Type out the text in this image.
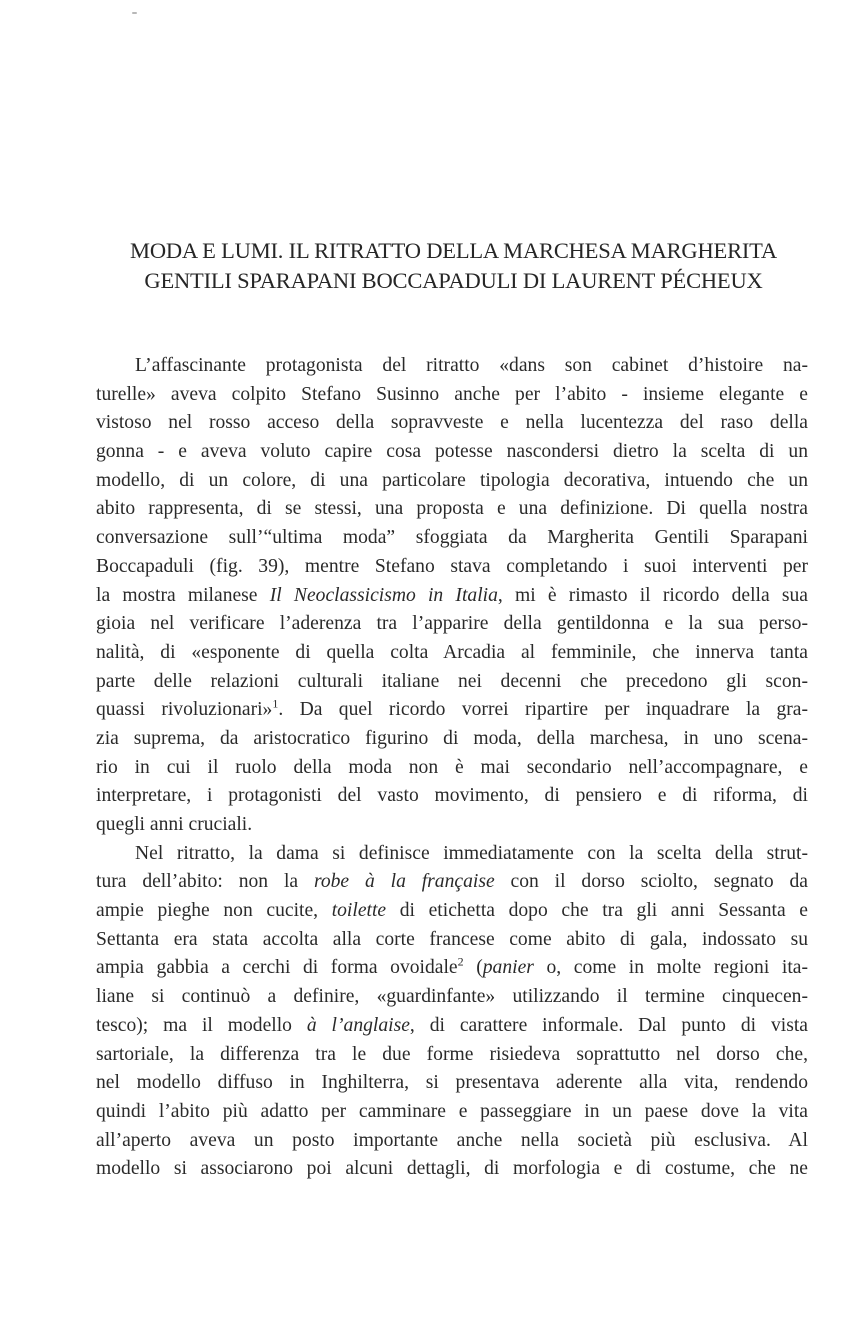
MODA E LUMI. IL RITRATTO DELLA MARCHESA MARGHERITA
GENTILI SPARAPANI BOCCAPADULI DI LAURENT PÉCHEUX
L’affascinante protagonista del ritratto «dans son cabinet d’histoire na-
turelle» aveva colpito Stefano Susinno anche per l’abito - insieme elegante e
vistoso nel rosso acceso della sopravveste e nella lucentezza del raso della
gonna - e aveva voluto capire cosa potesse nascondersi dietro la scelta di un
modello, di un colore, di una particolare tipologia decorativa, intuendo che un
abito rappresenta, di se stessi, una proposta e una definizione. Di quella nostra
conversazione sull’“ultima moda” sfoggiata da Margherita Gentili Sparapani
Boccapaduli (fig. 39), mentre Stefano stava completando i suoi interventi per
la mostra milanese Il Neoclassicismo in Italia, mi è rimasto il ricordo della sua
gioia nel verificare l’aderenza tra l’apparire della gentildonna e la sua perso-
nalità, di «esponente di quella colta Arcadia al femminile, che innerva tanta
parte delle relazioni culturali italiane nei decenni che precedono gli scon-
quassi rivoluzionari»$^1$. Da quel ricordo vorrei ripartire per inquadrare la gra-
zia suprema, da aristocratico figurino di moda, della marchesa, in uno scena-
rio in cui il ruolo della moda non è mai secondario nell’accompagnare, e
interpretare, i protagonisti del vasto movimento, di pensiero e di riforma, di
quegli anni cruciali.
Nel ritratto, la dama si definisce immediatamente con la scelta della strut-
tura dell’abito: non la robe à la française con il dorso sciolto, segnato da
ampie pieghe non cucite, toilette di etichetta dopo che tra gli anni Sessanta e
Settanta era stata accolta alla corte francese come abito di gala, indossato su
ampia gabbia a cerchi di forma ovoidale$^2$ (panier o, come in molte regioni ita-
liane si continuò a definire, «guardinfante» utilizzando il termine cinquecen-
tesco); ma il modello à l’anglaise, di carattere informale. Dal punto di vista
sartoriale, la differenza tra le due forme risiedeva soprattutto nel dorso che,
nel modello diffuso in Inghilterra, si presentava aderente alla vita, rendendo
quindi l’abito più adatto per camminare e passeggiare in un paese dove la vita
all’aperto aveva un posto importante anche nella società più esclusiva. Al
modello si associarono poi alcuni dettagli, di morfologia e di costume, che ne
